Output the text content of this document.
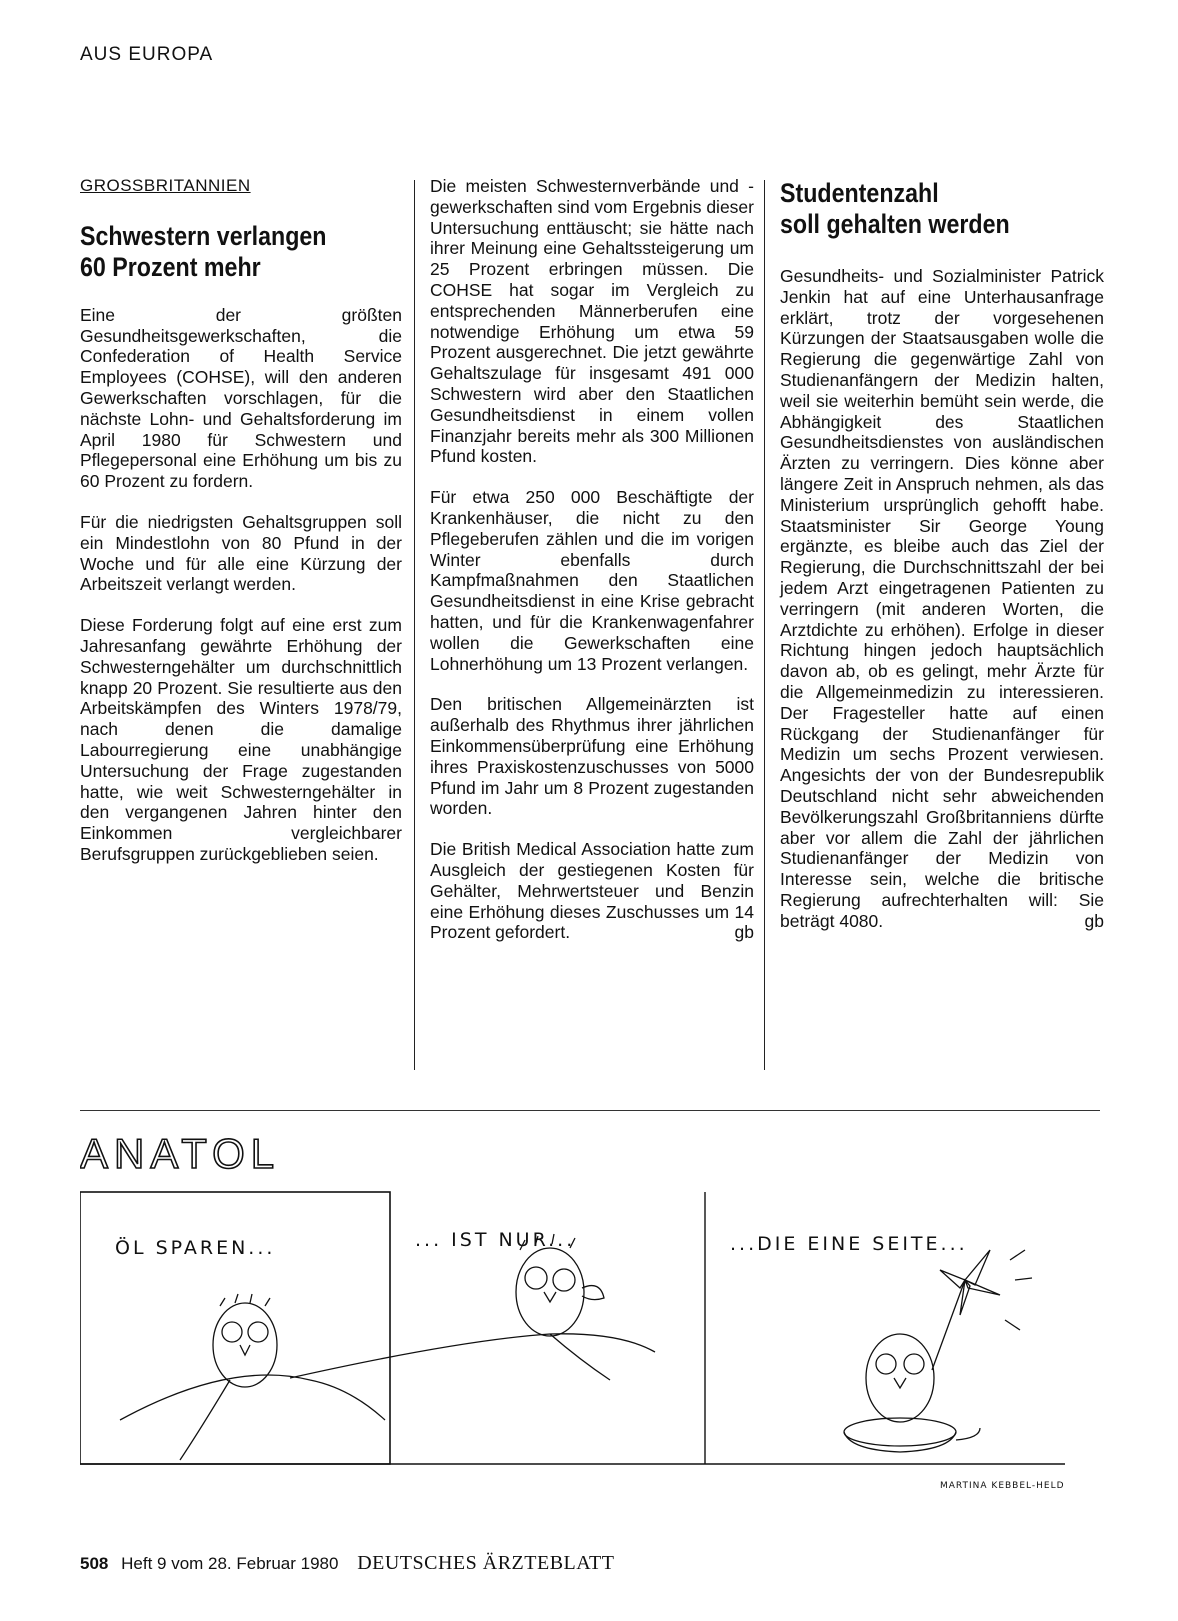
AUS EUROPA
GROSSBRITANNIEN
Schwestern verlangen
60 Prozent mehr

Eine der größten Gesundheitsgewerkschaften, die Confederation of Health Service Employees (COHSE), will den anderen Gewerkschaften vorschlagen, für die nächste Lohn- und Gehaltsforderung im April 1980 für Schwestern und Pflegepersonal eine Erhöhung um bis zu 60 Prozent zu fordern.

Für die niedrigsten Gehaltsgruppen soll ein Mindestlohn von 80 Pfund in der Woche und für alle eine Kürzung der Arbeitszeit verlangt werden.

Diese Forderung folgt auf eine erst zum Jahresanfang gewährte Erhöhung der Schwesterngehälter um durchschnittlich knapp 20 Prozent. Sie resultierte aus den Arbeitskämpfen des Winters 1978/79, nach denen die damalige Labourregierung eine unabhängige Untersuchung der Frage zugestanden hatte, wie weit Schwesterngehälter in den vergangenen Jahren hinter den Einkommen vergleichbarer Berufsgruppen zurückgeblieben seien.

Die meisten Schwesternverbände und -gewerkschaften sind vom Ergebnis dieser Untersuchung enttäuscht; sie hätte nach ihrer Meinung eine Gehaltssteigerung um 25 Prozent erbringen müssen. Die COHSE hat sogar im Vergleich zu entsprechenden Männerberufen eine notwendige Erhöhung um etwa 59 Prozent ausgerechnet. Die jetzt gewährte Gehaltszulage für insgesamt 491 000 Schwestern wird aber den Staatlichen Gesundheitsdienst in einem vollen Finanzjahr bereits mehr als 300 Millionen Pfund kosten.

Für etwa 250 000 Beschäftigte der Krankenhäuser, die nicht zu den Pflegeberufen zählen und die im vorigen Winter ebenfalls durch Kampfmaßnahmen den Staatlichen Gesundheitsdienst in eine Krise gebracht hatten, und für die Krankenwagenfahrer wollen die Gewerkschaften eine Lohnerhöhung um 13 Prozent verlangen.

Den britischen Allgemeinärzten ist außerhalb des Rhythmus ihrer jährlichen Einkommensüberprüfung eine Erhöhung ihres Praxiskostenzuschusses von 5000 Pfund im Jahr um 8 Prozent zugestanden worden.

Die British Medical Association hatte zum Ausgleich der gestiegenen Kosten für Gehälter, Mehrwertsteuer und Benzin eine Erhöhung dieses Zuschusses um 14 Prozent gefordert.	gb

Studentenzahl
soll gehalten werden

Gesundheits- und Sozialminister Patrick Jenkin hat auf eine Unterhausanfrage erklärt, trotz der vorgesehenen Kürzungen der Staatsausgaben wolle die Regierung die gegenwärtige Zahl von Studienanfängern der Medizin halten, weil sie weiterhin bemüht sein werde, die Abhängigkeit des Staatlichen Gesundheitsdienstes von ausländischen Ärzten zu verringern. Dies könne aber längere Zeit in Anspruch nehmen, als das Ministerium ursprünglich gehofft habe. Staatsminister Sir George Young ergänzte, es bleibe auch das Ziel der Regierung, die Durchschnittszahl der bei jedem Arzt eingetragenen Patienten zu verringern (mit anderen Worten, die Arztdichte zu erhöhen). Erfolge in dieser Richtung hingen jedoch hauptsächlich davon ab, ob es gelingt, mehr Ärzte für die Allgemeinmedizin zu interessieren. Der Fragesteller hatte auf einen Rückgang der Studienanfänger für Medizin um sechs Prozent verwiesen. Angesichts der von der Bundesrepublik Deutschland nicht sehr abweichenden Bevölkerungszahl Großbritanniens dürfte aber vor allem die Zahl der jährlichen Studienanfänger der Medizin von Interesse sein, welche die britische Regierung aufrechterhalten will: Sie beträgt 4080.	gb

ANATOL
ÖL SPAREN...	... IST NUR...	...DIE EINE SEITE...
MARTINA KEBBEL-HELD
508 Heft 9 vom 28. Februar 1980 DEUTSCHES ÄRZTEBLATT
